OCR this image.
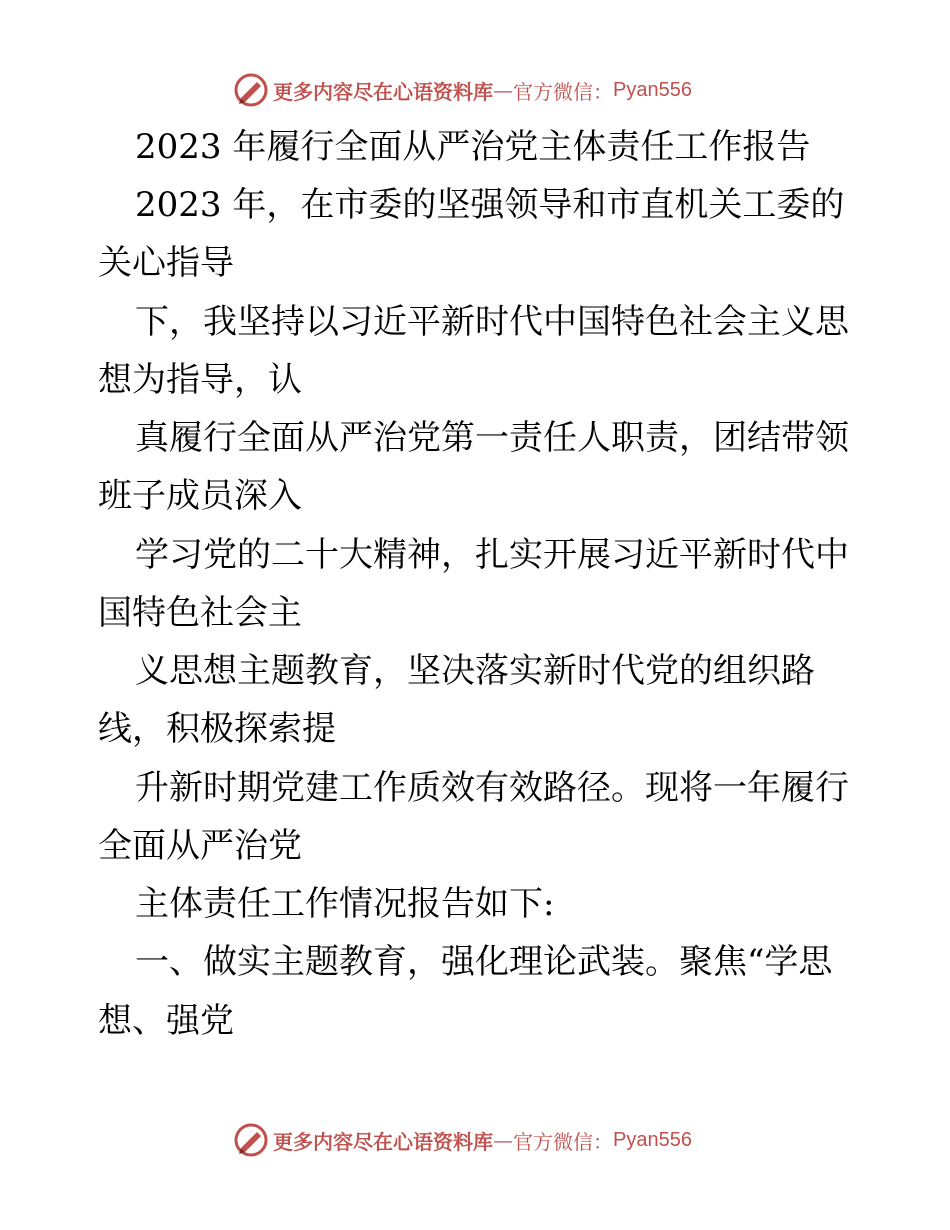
更多内容尽在心语资料库 — 官方微信： Pyan556
2023 年履行全面从严治党主体责任工作报告
2023 年，在市委的坚强领导和市直机关工委的
关心指导
下，我坚持以习近平新时代中国特色社会主义思
想为指导，认
真履行全面从严治党第一责任人职责，团结带领
班子成员深入
学习党的二十大精神，扎实开展习近平新时代中
国特色社会主
义思想主题教育，坚决落实新时代党的组织路
线，积极探索提
升新时期党建工作质效有效路径。现将一年履行
全面从严治党
主体责任工作情况报告如下:
一、做实主题教育，强化理论武装。聚焦“学思
想、强党
更多内容尽在心语资料库 — 官方微信： Pyan556
